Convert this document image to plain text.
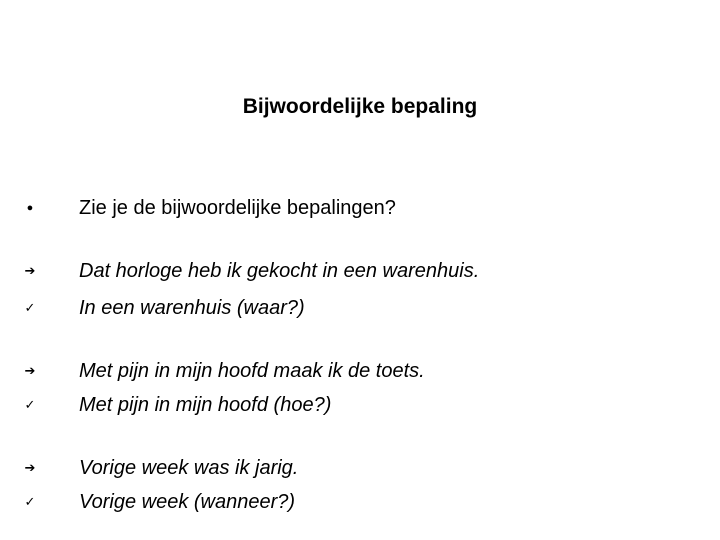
Bijwoordelijke bepaling
● Zie je de bijwoordelijke bepalingen?
➔ Dat horloge heb ik gekocht in een warenhuis.
✓ In een warenhuis (waar?)
➔ Met pijn in mijn hoofd maak ik de toets.
✓ Met pijn in mijn hoofd (hoe?)
➔ Vorige week was ik jarig.
✓ Vorige week (wanneer?)
